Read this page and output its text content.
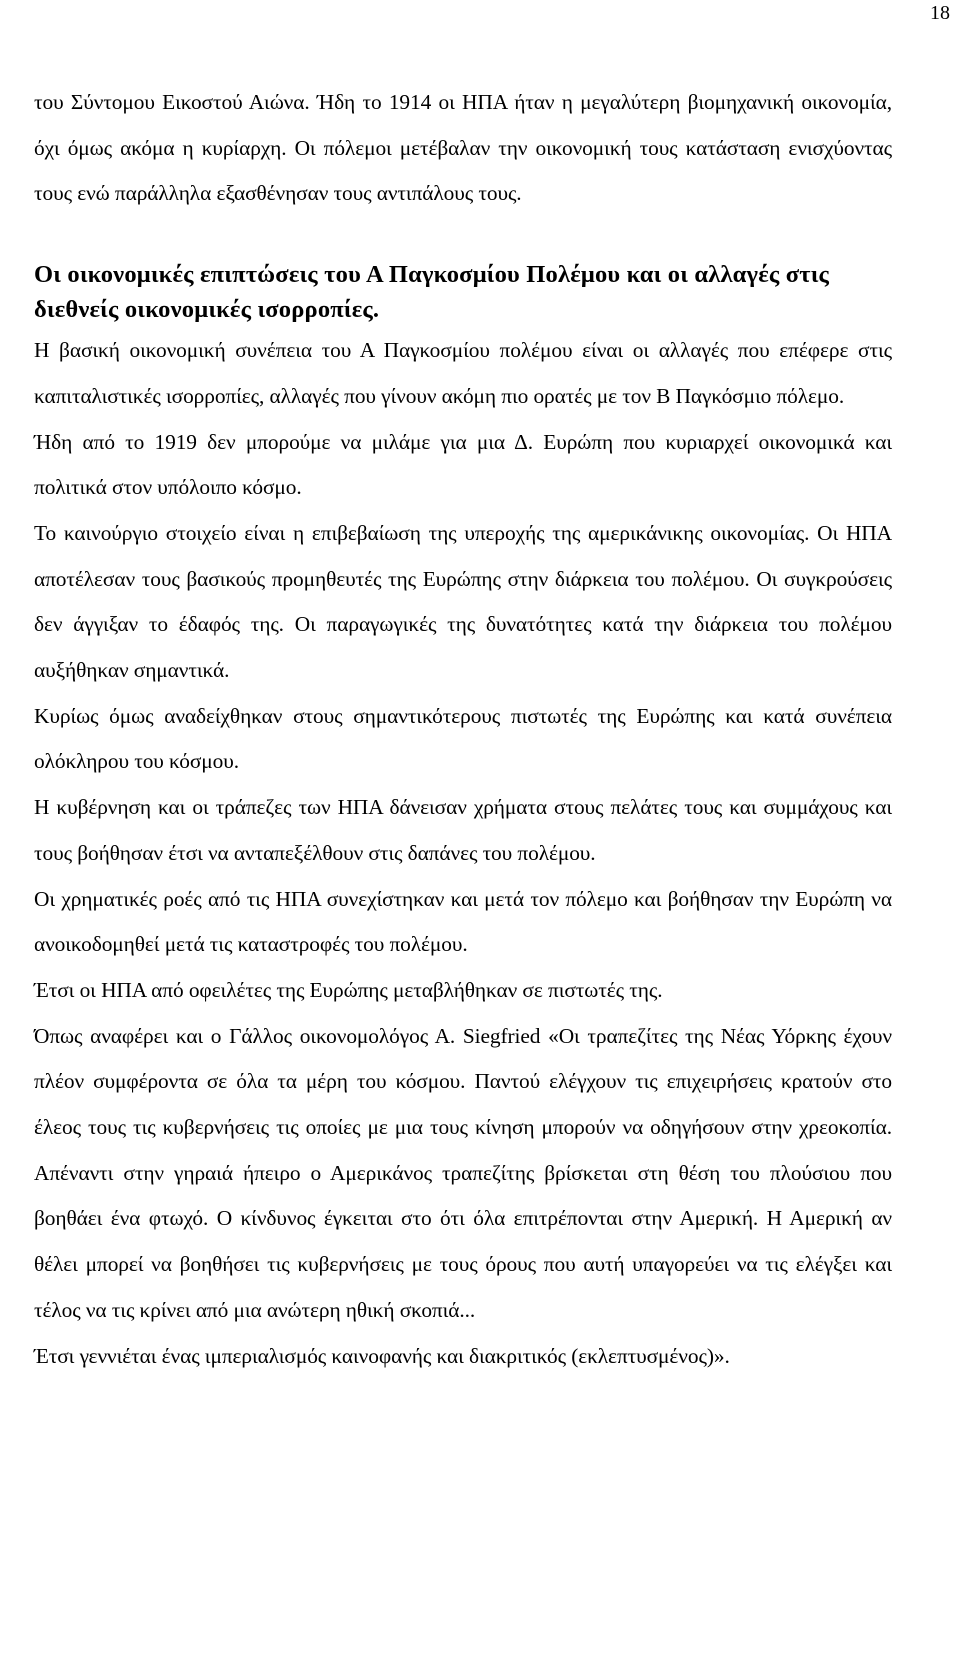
18

του Σύντομου Εικοστού Αιώνα. Ήδη το 1914 οι ΗΠΑ ήταν η μεγαλύτερη βιομηχανική οικονομία, όχι όμως ακόμα η κυρίαρχη. Οι πόλεμοι μετέβαλαν την οικονομική τους κατάσταση ενισχύοντας τους ενώ παράλληλα εξασθένησαν τους αντιπάλους τους.

Οι οικονομικές επιπτώσεις του Α Παγκοσμίου Πολέμου και οι αλλαγές στις διεθνείς οικονομικές ισορροπίες.

Η βασική οικονομική συνέπεια του Α Παγκοσμίου πολέμου είναι οι αλλαγές που επέφερε στις καπιταλιστικές ισορροπίες, αλλαγές που γίνουν ακόμη πιο ορατές με τον Β Παγκόσμιο πόλεμο.

Ήδη από το 1919 δεν μπορούμε να μιλάμε για μια Δ. Ευρώπη που κυριαρχεί οικονομικά και πολιτικά στον υπόλοιπο κόσμο.

Το καινούργιο στοιχείο είναι η επιβεβαίωση της υπεροχής της αμερικάνικης οικονομίας. Οι ΗΠΑ αποτέλεσαν τους βασικούς προμηθευτές της Ευρώπης στην διάρκεια του πολέμου. Οι συγκρούσεις δεν άγγιξαν το έδαφός της. Οι παραγωγικές της δυνατότητες κατά την διάρκεια του πολέμου αυξήθηκαν σημαντικά.

Κυρίως όμως αναδείχθηκαν στους σημαντικότερους πιστωτές της Ευρώπης και κατά συνέπεια ολόκληρου του κόσμου.

Η κυβέρνηση και οι τράπεζες των ΗΠΑ δάνεισαν χρήματα στους πελάτες τους και συμμάχους και τους βοήθησαν έτσι να ανταπεξέλθουν στις δαπάνες του πολέμου.

Οι χρηματικές ροές από τις ΗΠΑ συνεχίστηκαν και μετά τον πόλεμο και βοήθησαν την Ευρώπη να ανοικοδομηθεί μετά τις καταστροφές του πολέμου.

Έτσι οι ΗΠΑ από οφειλέτες της Ευρώπης μεταβλήθηκαν σε πιστωτές της.

Όπως αναφέρει και ο Γάλλος οικονομολόγος Α. Siegfried «Οι τραπεζίτες της Νέας Υόρκης έχουν πλέον συμφέροντα σε όλα τα μέρη του κόσμου. Παντού ελέγχουν τις επιχειρήσεις κρατούν στο έλεος τους τις κυβερνήσεις τις οποίες με μια τους κίνηση μπορούν να οδηγήσουν στην χρεοκοπία. Απέναντι στην γηραιά ήπειρο ο Αμερικάνος τραπεζίτης βρίσκεται στη θέση του πλούσιου που βοηθάει ένα φτωχό. Ο κίνδυνος έγκειται στο ότι όλα επιτρέπονται στην Αμερική. Η Αμερική αν θέλει μπορεί να βοηθήσει τις κυβερνήσεις με τους όρους που αυτή υπαγορεύει να τις ελέγξει και τέλος να τις κρίνει από μια ανώτερη ηθική σκοπιά...

Έτσι γεννιέται ένας ιμπεριαλισμός καινοφανής και διακριτικός (εκλεπτυσμένος)».
